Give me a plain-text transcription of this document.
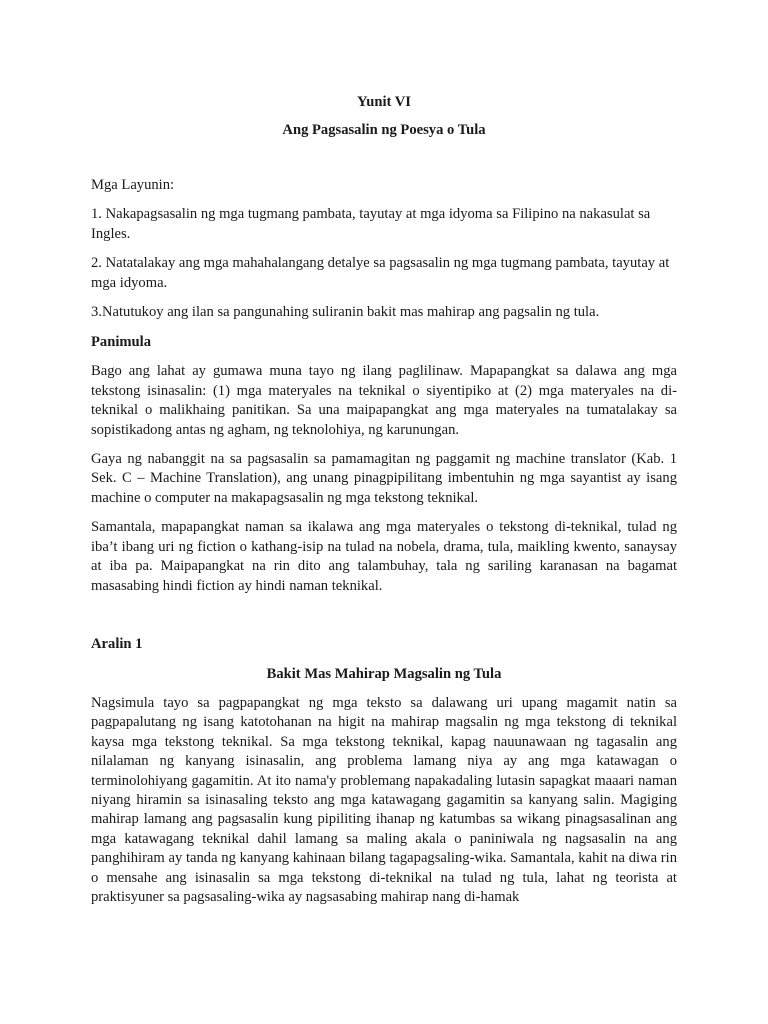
Yunit VI

Ang Pagsasalin ng Poesya o Tula

Mga Layunin:

1. Nakapagsasalin ng mga tugmang pambata, tayutay at mga idyoma sa Filipino na nakasulat sa Ingles.

2. Natatalakay ang mga mahahalangang detalye sa pagsasalin ng mga tugmang pambata, tayutay at mga idyoma.

3.Natutukoy ang ilan sa pangunahing suliranin bakit mas mahirap ang pagsalin ng tula.

Panimula

Bago ang lahat ay gumawa muna tayo ng ilang paglilinaw. Mapapangkat sa dalawa ang mga tekstong isinasalin: (1) mga materyales na teknikal o siyentipiko at (2) mga materyales na di-teknikal o malikhaing panitikan. Sa una maipapangkat ang mga materyales na tumatalakay sa sopistikadong antas ng agham, ng teknolohiya, ng karunungan.

Gaya ng nabanggit na sa pagsasalin sa pamamagitan ng paggamit ng machine translator (Kab. 1 Sek. C – Machine Translation), ang unang pinagpipilitang imbentuhin ng mga sayantist ay isang machine o computer na makapagsasalin ng mga tekstong teknikal.

Samantala, mapapangkat naman sa ikalawa ang mga materyales o tekstong di-teknikal, tulad ng iba’t ibang uri ng fiction o kathang-isip na tulad na nobela, drama, tula, maikling kwento, sanaysay at iba pa. Maipapangkat na rin dito ang talambuhay, tala ng sariling karanasan na bagamat masasabing hindi fiction ay hindi naman teknikal.

Aralin 1

Bakit Mas Mahirap Magsalin ng Tula

Nagsimula tayo sa pagpapangkat ng mga teksto sa dalawang uri upang magamit natin sa pagpapalutang ng isang katotohanan na higit na mahirap magsalin ng mga tekstong di teknikal kaysa mga tekstong teknikal. Sa mga tekstong teknikal, kapag nauunawaan ng tagasalin ang nilalaman ng kanyang isinasalin, ang problema lamang niya ay ang mga katawagan o terminolohiyang gagamitin. At ito nama'y problemang napakadaling lutasin sapagkat maaari naman niyang hiramin sa isinasaling teksto ang mga katawagang gagamitin sa kanyang salin. Magiging mahirap lamang ang pagsasalin kung pipiliting ihanap ng katumbas sa wikang pinagsasalinan ang mga katawagang teknikal dahil lamang sa maling akala o paniniwala ng nagsasalin na ang panghihiram ay tanda ng kanyang kahinaan bilang tagapagsaling-wika. Samantala, kahit na diwa rin o mensahe ang isinasalin sa mga tekstong di-teknikal na tulad ng tula, lahat ng teorista at praktisyuner sa pagsasaling-wika ay nagsasabing mahirap nang di-hamak
